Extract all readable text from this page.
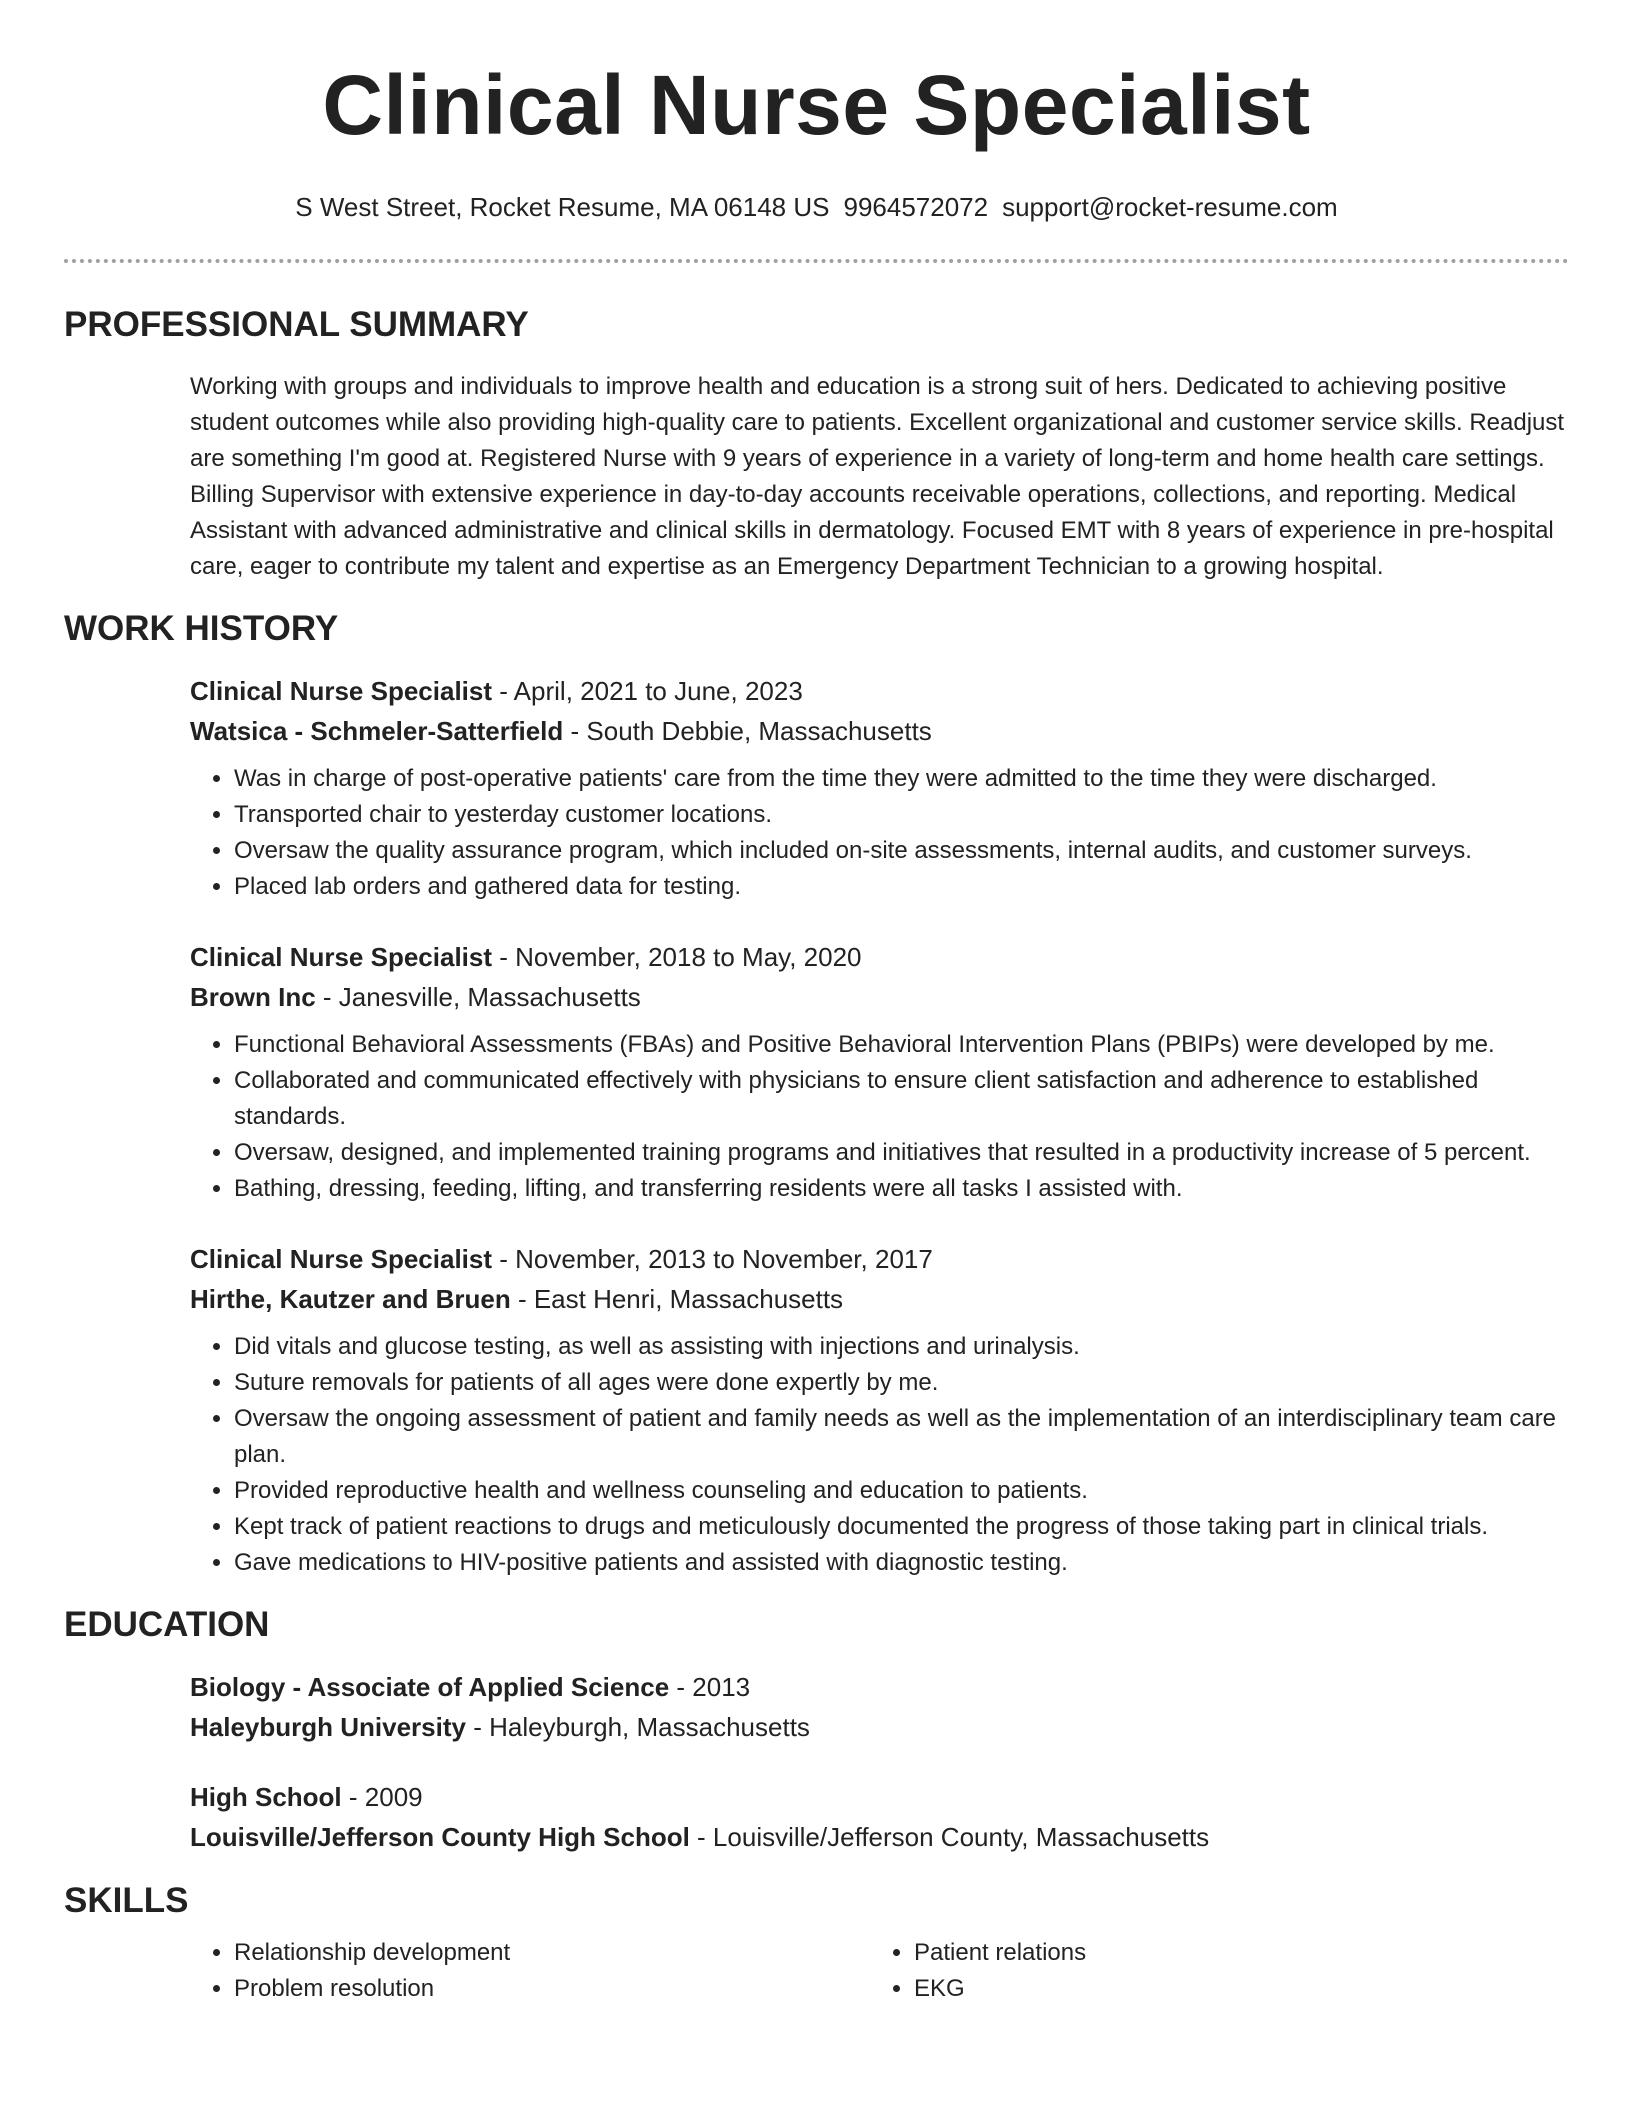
Clinical Nurse Specialist
S West Street, Rocket Resume, MA 06148 US 9964572072 support@rocket-resume.com
PROFESSIONAL SUMMARY
Working with groups and individuals to improve health and education is a strong suit of hers. Dedicated to achieving positive student outcomes while also providing high-quality care to patients. Excellent organizational and customer service skills. Readjust are something I'm good at. Registered Nurse with 9 years of experience in a variety of long-term and home health care settings. Billing Supervisor with extensive experience in day-to-day accounts receivable operations, collections, and reporting. Medical Assistant with advanced administrative and clinical skills in dermatology. Focused EMT with 8 years of experience in pre-hospital care, eager to contribute my talent and expertise as an Emergency Department Technician to a growing hospital.
WORK HISTORY
Clinical Nurse Specialist - April, 2021 to June, 2023
Watsica - Schmeler-Satterfield - South Debbie, Massachusetts
• Was in charge of post-operative patients' care from the time they were admitted to the time they were discharged.
• Transported chair to yesterday customer locations.
• Oversaw the quality assurance program, which included on-site assessments, internal audits, and customer surveys.
• Placed lab orders and gathered data for testing.
Clinical Nurse Specialist - November, 2018 to May, 2020
Brown Inc - Janesville, Massachusetts
• Functional Behavioral Assessments (FBAs) and Positive Behavioral Intervention Plans (PBIPs) were developed by me.
• Collaborated and communicated effectively with physicians to ensure client satisfaction and adherence to established standards.
• Oversaw, designed, and implemented training programs and initiatives that resulted in a productivity increase of 5 percent.
• Bathing, dressing, feeding, lifting, and transferring residents were all tasks I assisted with.
Clinical Nurse Specialist - November, 2013 to November, 2017
Hirthe, Kautzer and Bruen - East Henri, Massachusetts
• Did vitals and glucose testing, as well as assisting with injections and urinalysis.
• Suture removals for patients of all ages were done expertly by me.
• Oversaw the ongoing assessment of patient and family needs as well as the implementation of an interdisciplinary team care plan.
• Provided reproductive health and wellness counseling and education to patients.
• Kept track of patient reactions to drugs and meticulously documented the progress of those taking part in clinical trials.
• Gave medications to HIV-positive patients and assisted with diagnostic testing.
EDUCATION
Biology - Associate of Applied Science - 2013
Haleyburgh University - Haleyburgh, Massachusetts
High School - 2009
Louisville/Jefferson County High School - Louisville/Jefferson County, Massachusetts
SKILLS
• Relationship development
• Problem resolution
• Patient relations
• EKG
